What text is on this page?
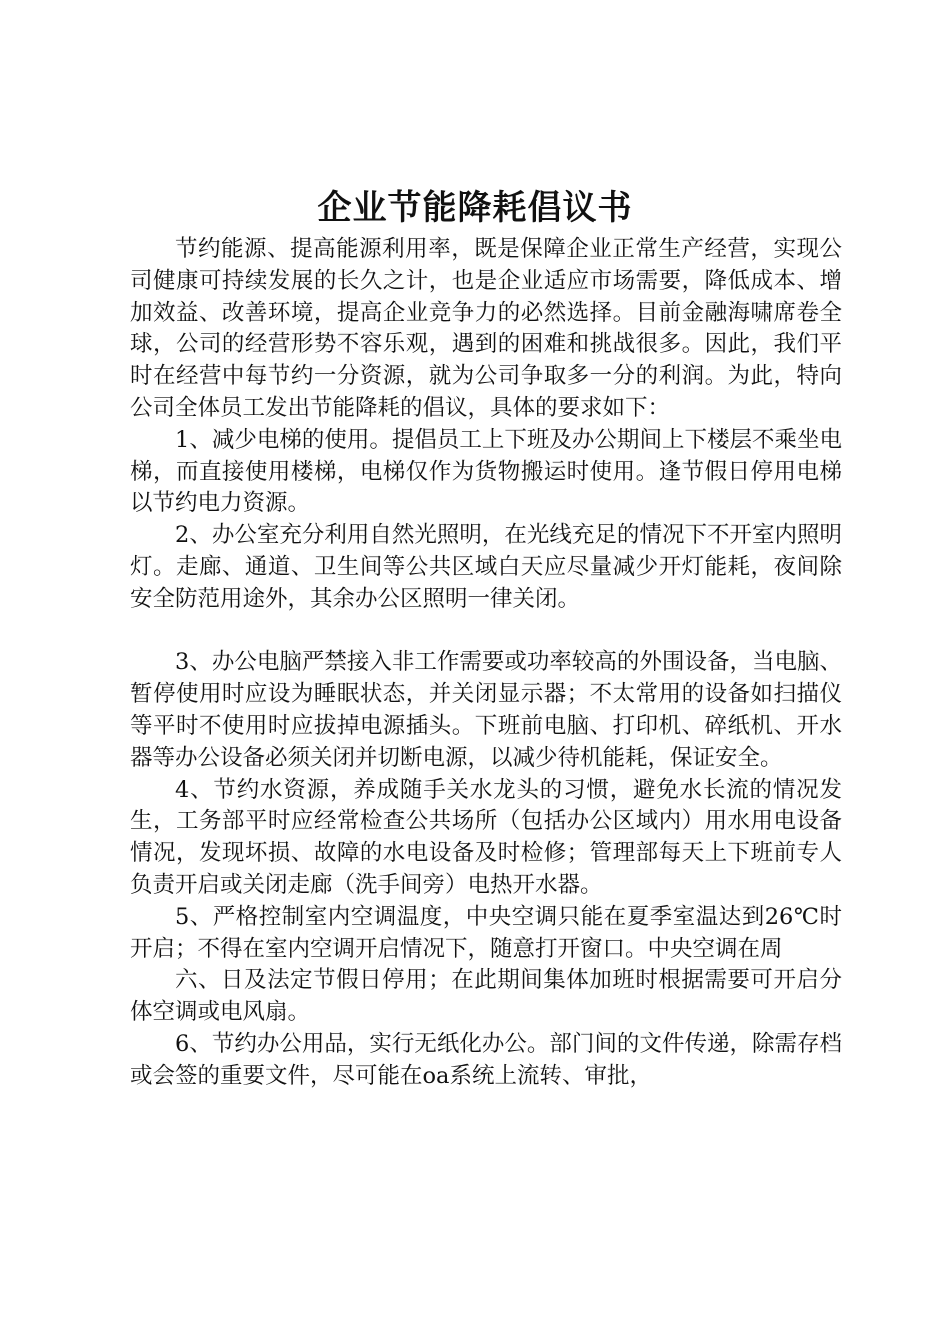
企业节能降耗倡议书

节约能源、提高能源利用率，既是保障企业正常生产经营，实现公司健康可持续发展的长久之计，也是企业适应市场需要，降低成本、增加效益、改善环境，提高企业竞争力的必然选择。目前金融海啸席卷全球，公司的经营形势不容乐观，遇到的困难和挑战很多。因此，我们平时在经营中每节约一分资源，就为公司争取多一分的利润。为此，特向公司全体员工发出节能降耗的倡议，具体的要求如下：

1、减少电梯的使用。提倡员工上下班及办公期间上下楼层不乘坐电梯，而直接使用楼梯，电梯仅作为货物搬运时使用。逢节假日停用电梯以节约电力资源。

2、办公室充分利用自然光照明，在光线充足的情况下不开室内照明灯。走廊、通道、卫生间等公共区域白天应尽量减少开灯能耗，夜间除安全防范用途外，其余办公区照明一律关闭。

3、办公电脑严禁接入非工作需要或功率较高的外围设备，当电脑、暂停使用时应设为睡眠状态，并关闭显示器；不太常用的设备如扫描仪等平时不使用时应拔掉电源插头。下班前电脑、打印机、碎纸机、开水器等办公设备必须关闭并切断电源，以减少待机能耗，保证安全。

4、节约水资源，养成随手关水龙头的习惯，避免水长流的情况发生，工务部平时应经常检查公共场所（包括办公区域内）用水用电设备情况，发现坏损、故障的水电设备及时检修；管理部每天上下班前专人负责开启或关闭走廊（洗手间旁）电热开水器。

5、严格控制室内空调温度，中央空调只能在夏季室温达到26℃时开启；不得在室内空调开启情况下，随意打开窗口。中央空调在周

六、日及法定节假日停用；在此期间集体加班时根据需要可开启分体空调或电风扇。

6、节约办公用品，实行无纸化办公。部门间的文件传递，除需存档或会签的重要文件，尽可能在oa系统上流转、审批，
